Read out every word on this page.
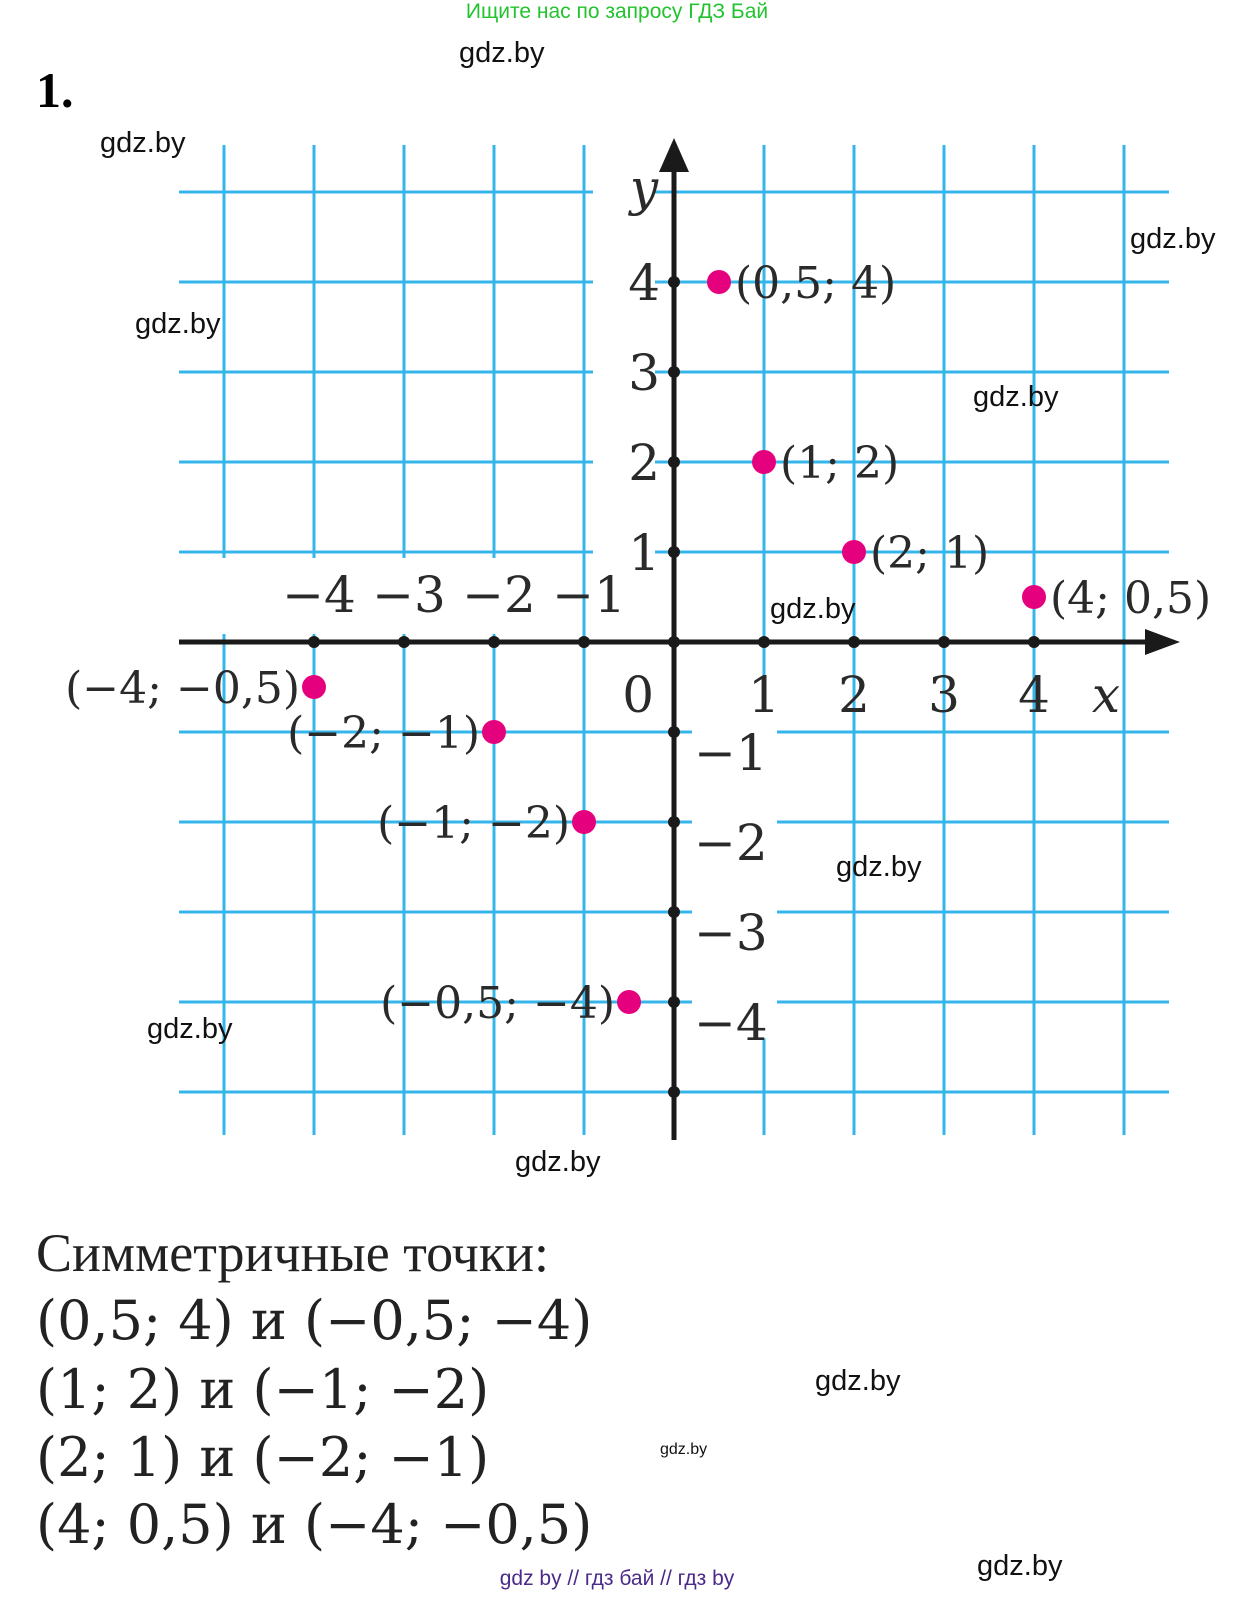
Ищите нас по запросу ГДЗ Бай
1.
−4 −3 −2 −1
1 2 3 4
4
3
2
1
−1
−2
−3
−4
0	x
y
(0,5; 4)
(1; 2)
(2; 1)
(4; 0,5)
(−4; −0,5)
(−2; −1)
(−1; −2)
(−0,5; −4)
Симметричные точки:
(0,5; 4) и (−0,5; −4)
(1; 2) и (−1; −2)
(2; 1) и (−2; −1)
(4; 0,5) и (−4; −0,5)
gdz.by
gdz.by
gdz.by
gdz.by
gdz.by
gdz.by
gdz.by
gdz.by
gdz.by
gdz.by
gdz.by
gdz.by
gdz by // гдз бай // гдз by
